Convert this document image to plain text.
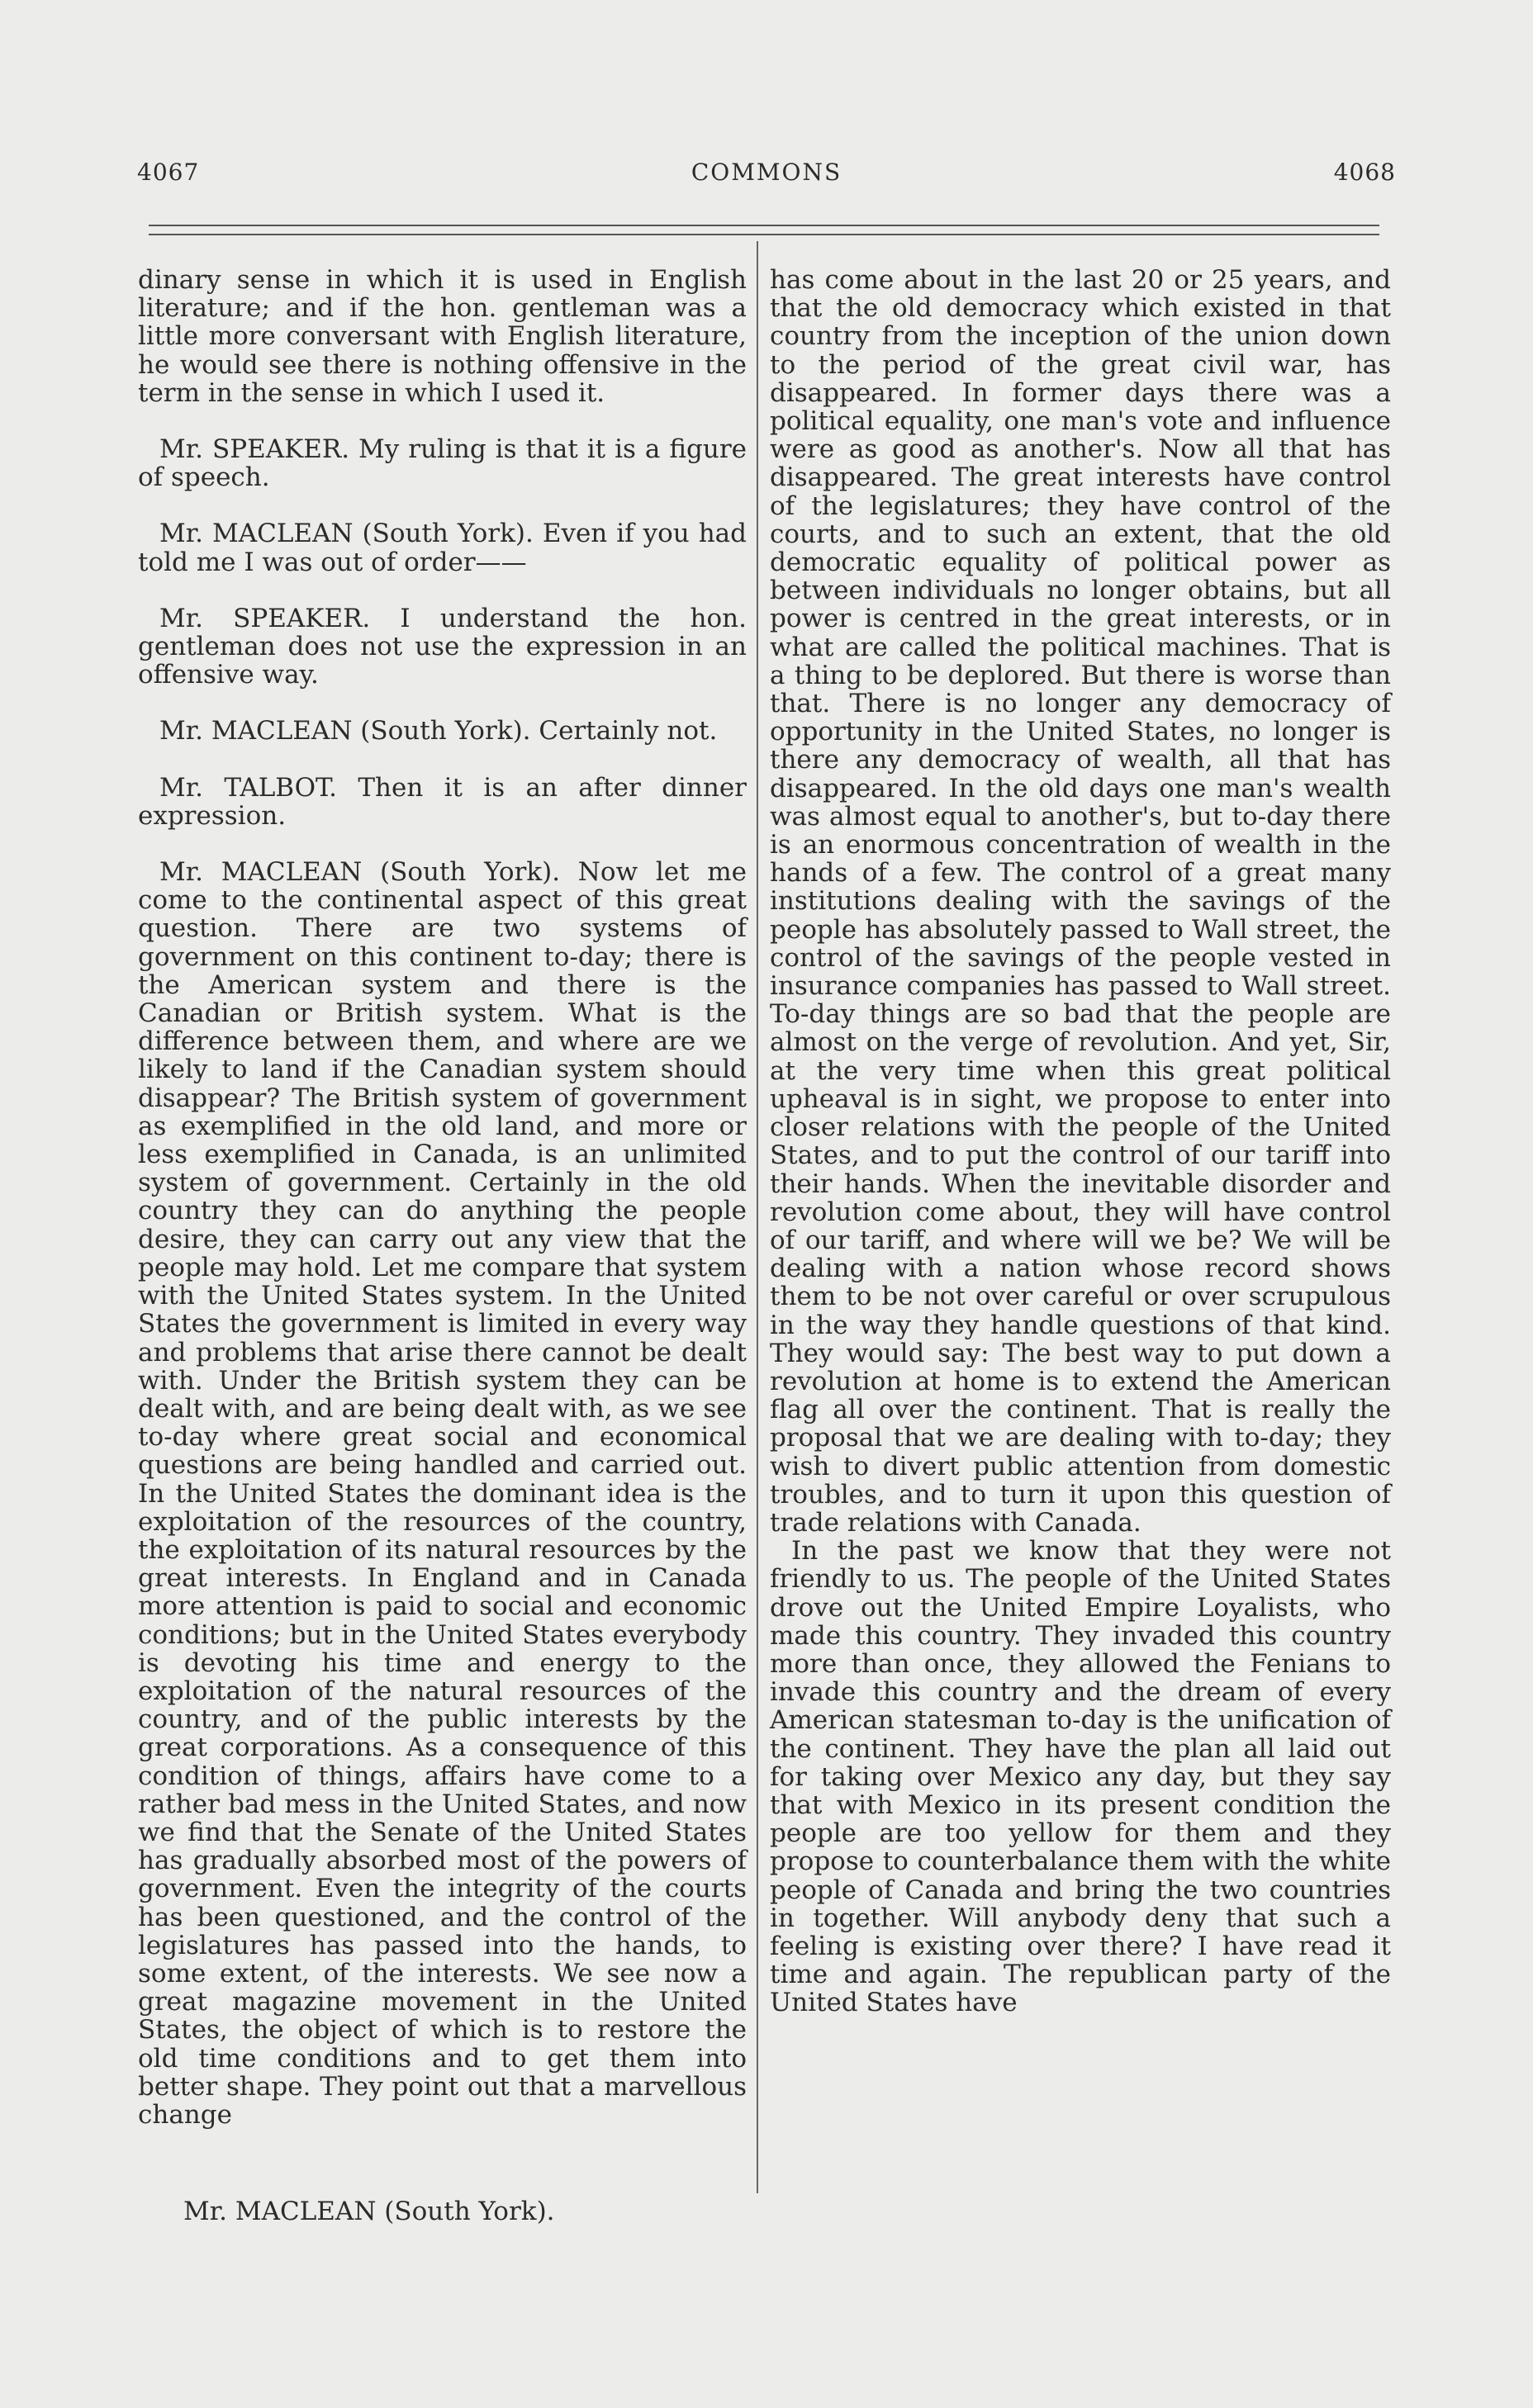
4067	COMMONS	4068

dinary sense in which it is used in English literature; and if the hon. gentleman was a little more conversant with English literature, he would see there is nothing offensive in the term in the sense in which I used it.

Mr. SPEAKER. My ruling is that it is a figure of speech.

Mr. MACLEAN (South York). Even if you had told me I was out of order——

Mr. SPEAKER. I understand the hon. gentleman does not use the expression in an offensive way.

Mr. MACLEAN (South York). Certainly not.

Mr. TALBOT. Then it is an after dinner expression.

Mr. MACLEAN (South York). Now let me come to the continental aspect of this great question. There are two systems of government on this continent to-day; there is the American system and there is the Canadian or British system. What is the difference between them, and where are we likely to land if the Canadian system should disappear? The British system of government as exemplified in the old land, and more or less exemplified in Canada, is an unlimited system of government. Certainly in the old country they can do anything the people desire, they can carry out any view that the people may hold. Let me compare that system with the United States system. In the United States the government is limited in every way and problems that arise there cannot be dealt with. Under the British system they can be dealt with, and are being dealt with, as we see to-day where great social and economical questions are being handled and carried out. In the United States the dominant idea is the exploitation of the resources of the country, the exploitation of its natural resources by the great interests. In England and in Canada more attention is paid to social and economic conditions; but in the United States everybody is devoting his time and energy to the exploitation of the natural resources of the country, and of the public interests by the great corporations. As a consequence of this condition of things, affairs have come to a rather bad mess in the United States, and now we find that the Senate of the United States has gradually absorbed most of the powers of government. Even the integrity of the courts has been questioned, and the control of the legislatures has passed into the hands, to some extent, of the interests. We see now a great magazine movement in the United States, the object of which is to restore the old time conditions and to get them into better shape. They point out that a marvellous change

has come about in the last 20 or 25 years, and that the old democracy which existed in that country from the inception of the union down to the period of the great civil war, has disappeared. In former days there was a political equality, one man's vote and influence were as good as another's. Now all that has disappeared. The great interests have control of the legislatures; they have control of the courts, and to such an extent, that the old democratic equality of political power as between individuals no longer obtains, but all power is centred in the great interests, or in what are called the political machines. That is a thing to be deplored. But there is worse than that. There is no longer any democracy of opportunity in the United States, no longer is there any democracy of wealth, all that has disappeared. In the old days one man's wealth was almost equal to another's, but to-day there is an enormous concentration of wealth in the hands of a few. The control of a great many institutions dealing with the savings of the people has absolutely passed to Wall street, the control of the savings of the people vested in insurance companies has passed to Wall street. To-day things are so bad that the people are almost on the verge of revolution. And yet, Sir, at the very time when this great political upheaval is in sight, we propose to enter into closer relations with the people of the United States, and to put the control of our tariff into their hands. When the inevitable disorder and revolution come about, they will have control of our tariff, and where will we be? We will be dealing with a nation whose record shows them to be not over careful or over scrupulous in the way they handle questions of that kind. They would say: The best way to put down a revolution at home is to extend the American flag all over the continent. That is really the proposal that we are dealing with to-day; they wish to divert public attention from domestic troubles, and to turn it upon this question of trade relations with Canada.

In the past we know that they were not friendly to us. The people of the United States drove out the United Empire Loyalists, who made this country. They invaded this country more than once, they allowed the Fenians to invade this country and the dream of every American statesman to-day is the unification of the continent. They have the plan all laid out for taking over Mexico any day, but they say that with Mexico in its present condition the people are too yellow for them and they propose to counterbalance them with the white people of Canada and bring the two countries in together. Will anybody deny that such a feeling is existing over there? I have read it time and again. The republican party of the United States have

Mr. MACLEAN (South York).
